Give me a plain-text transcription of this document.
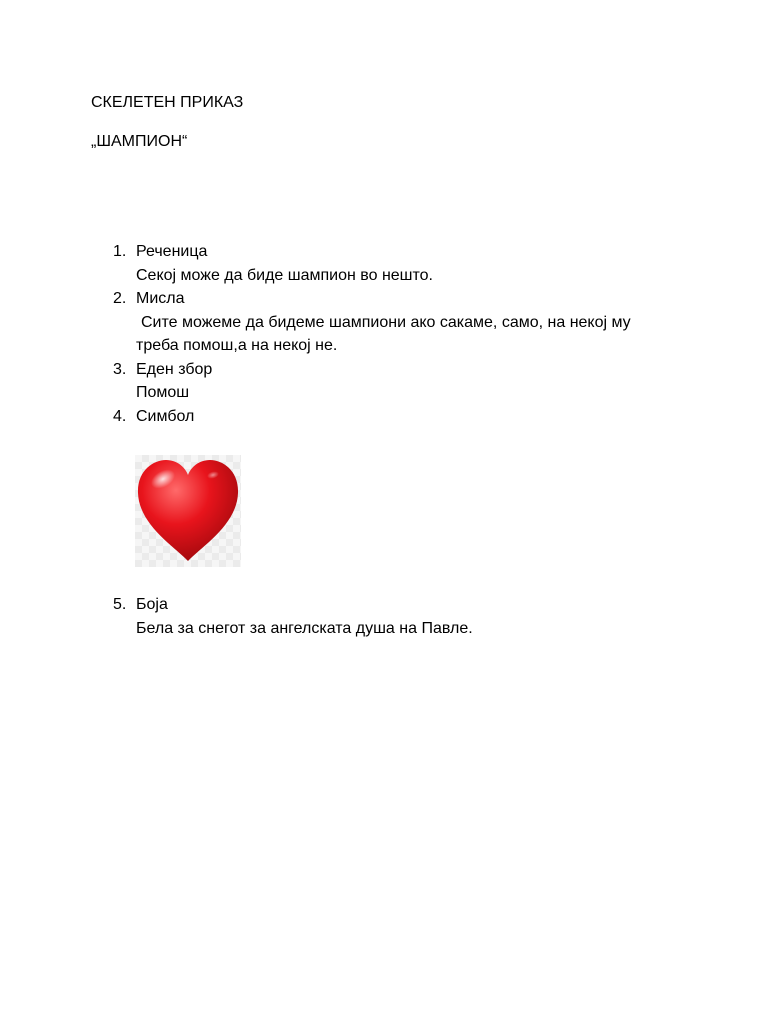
СКЕЛЕТЕН ПРИКАЗ
„ШАМПИОН“
1. Реченица
Секој може да биде шампион во нешто.
2. Мисла
Сите можеме да бидеме шампиони ако сакаме, само, на некој му
треба помош,а на некој не.
3. Еден збор
Помош
4. Симбол
5. Боја
Бела за снегот за ангелската душа на Павле.
